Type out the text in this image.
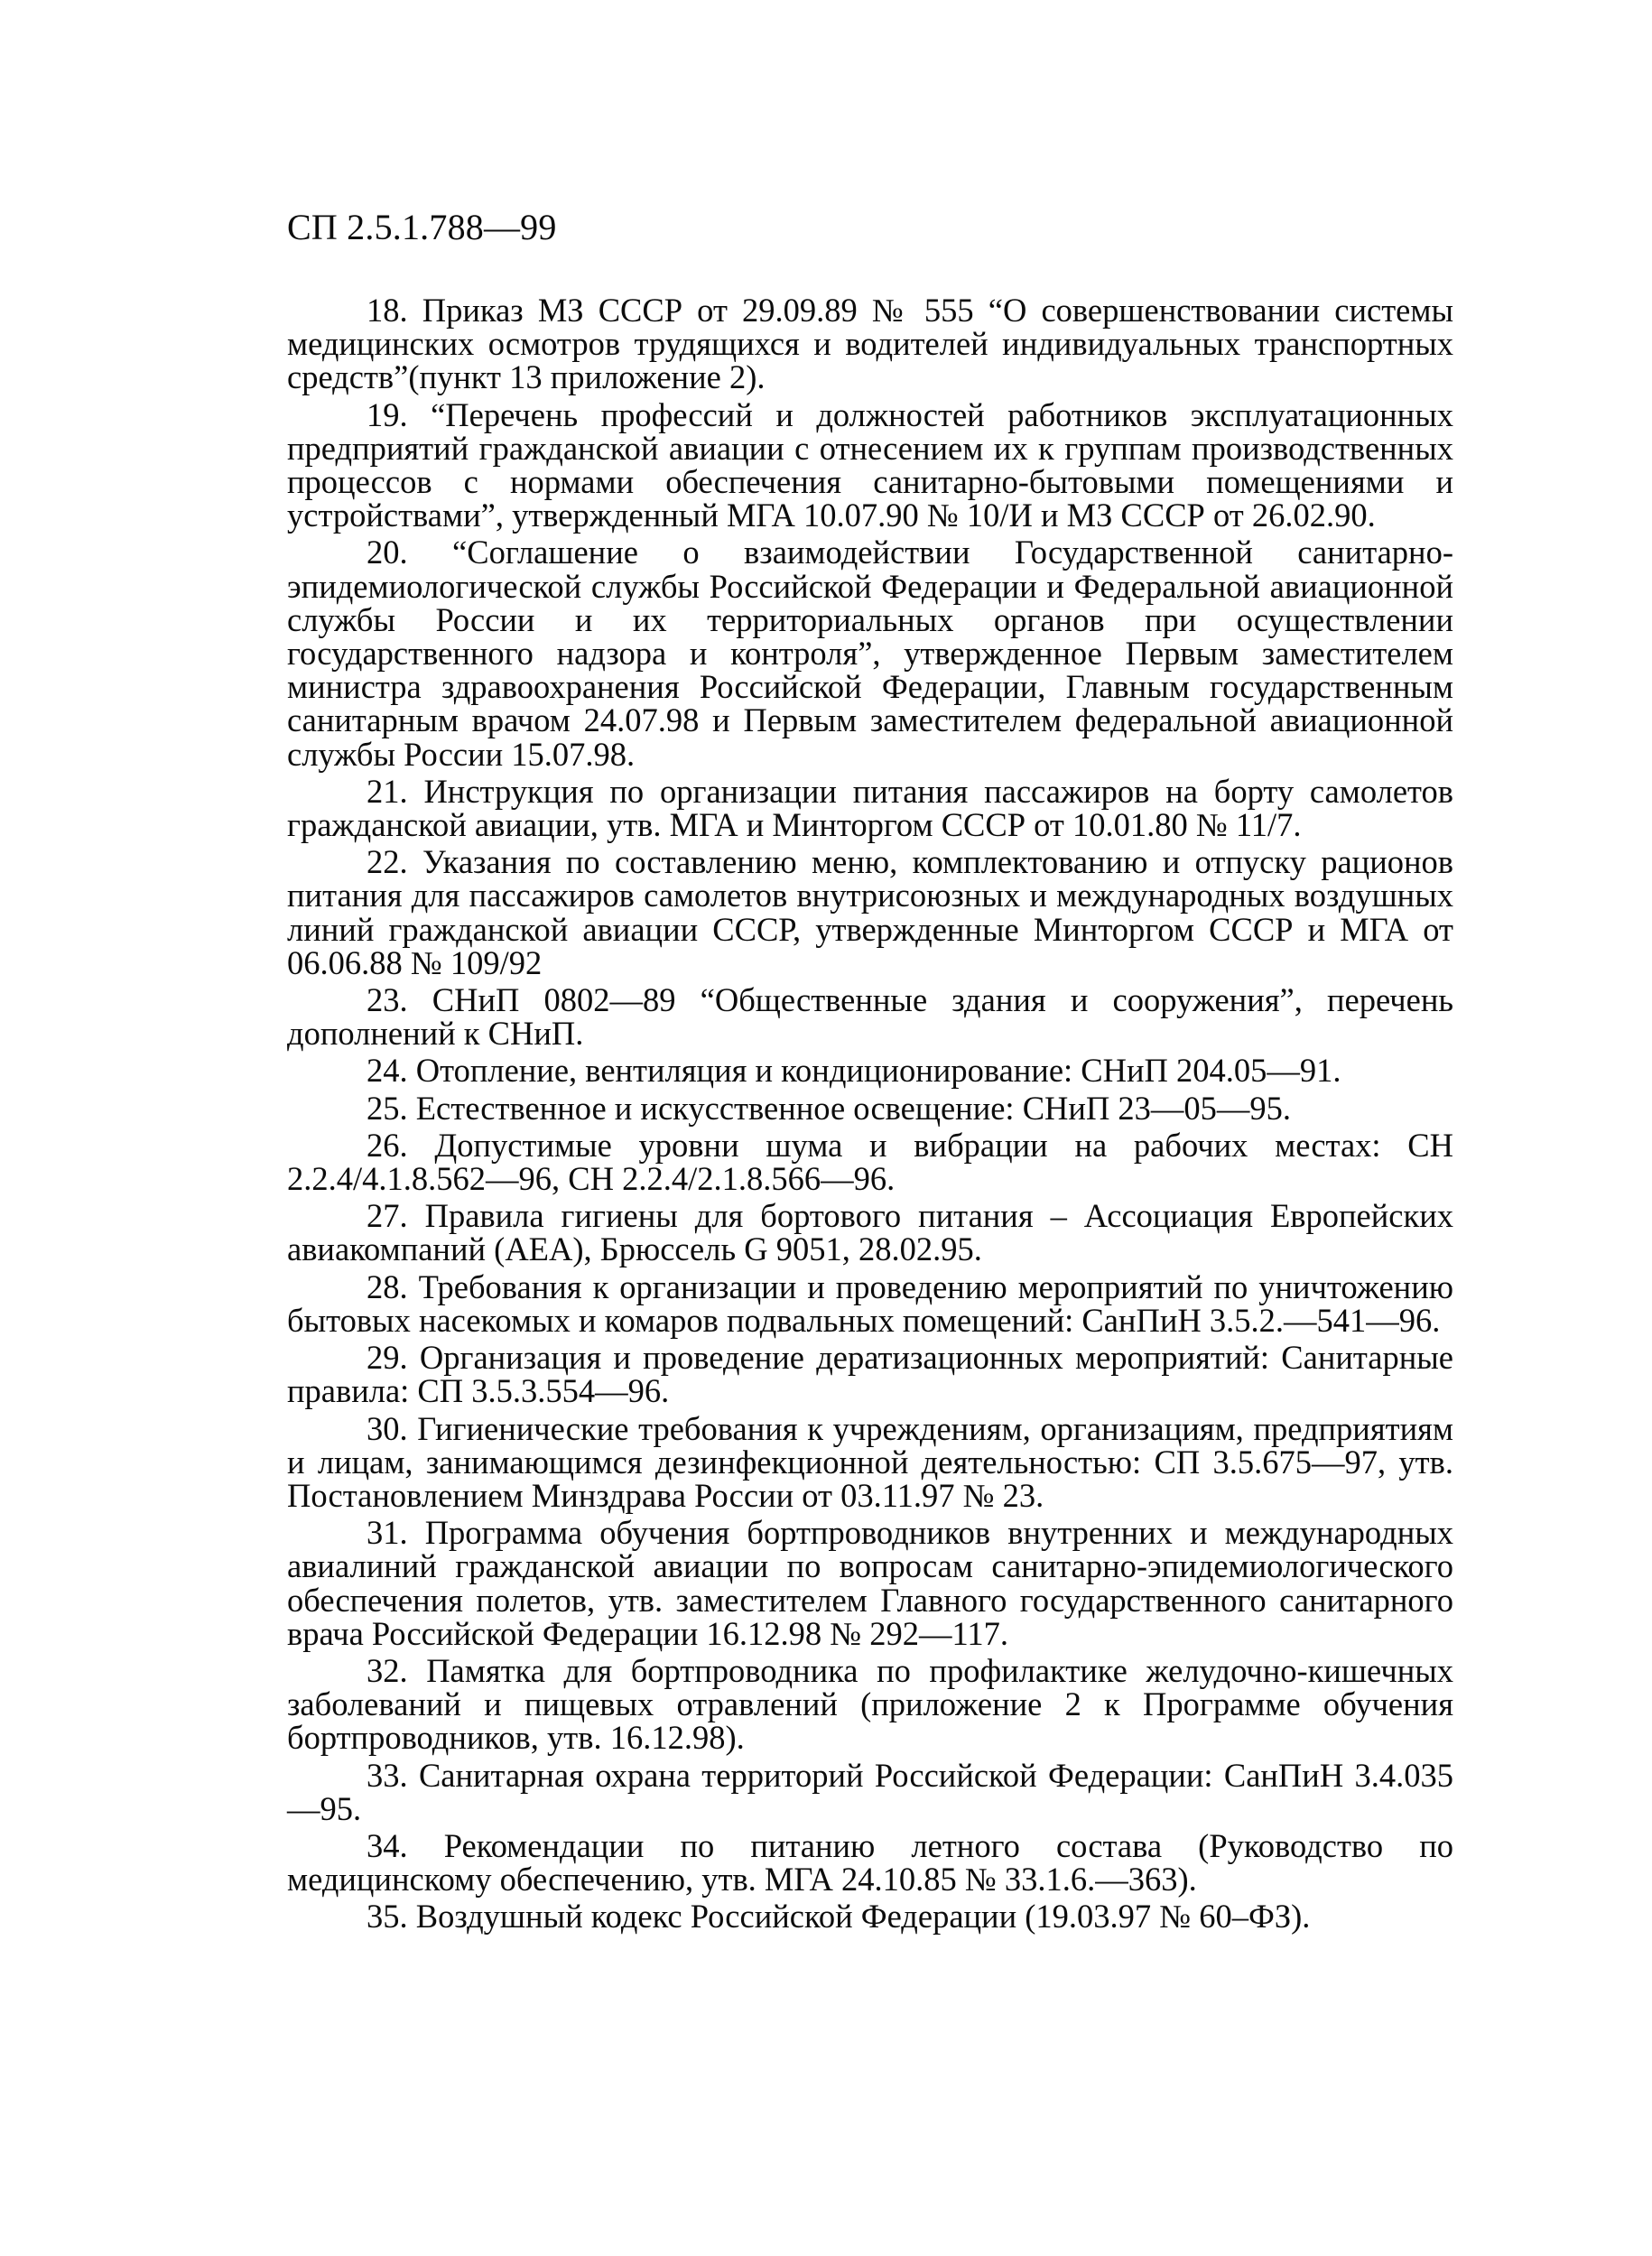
СП 2.5.1.788—99
18. Приказ МЗ СССР от 29.09.89 № 555 “О совершенствовании системы медицинских осмотров трудящихся и водителей индивидуальных транспортных средств”(пункт 13 приложение 2).
19. “Перечень профессий и должностей работников эксплуатационных предприятий гражданской авиации с отнесением их к группам производственных процессов с нормами обеспечения санитарно-бытовыми помещениями и устройствами”, утвержденный МГА 10.07.90 № 10/И и МЗ СССР от 26.02.90.
20. “Соглашение о взаимодействии Государственной санитарно-эпидемиологической службы Российской Федерации и Федеральной авиационной службы России и их территориальных органов при осуществлении государственного надзора и контроля”, утвержденное Первым заместителем министра здравоохранения Российской Федерации, Главным государственным санитарным врачом 24.07.98 и Первым заместителем федеральной авиационной службы России 15.07.98.
21. Инструкция по организации питания пассажиров на борту самолетов гражданской авиации, утв. МГА и Минторгом СССР от 10.01.80 № 11/7.
22. Указания по составлению меню, комплектованию и отпуску рационов питания для пассажиров самолетов внутрисоюзных и международных воздушных линий гражданской авиации СССР, утвержденные Минторгом СССР и МГА от 06.06.88 № 109/92
23. СНиП 0802—89 “Общественные здания и сооружения”, перечень дополнений к СНиП.
24. Отопление, вентиляция и кондиционирование: СНиП 204.05—91.
25. Естественное и искусственное освещение: СНиП 23—05—95.
26. Допустимые уровни шума и вибрации на рабочих местах: СН 2.2.4/4.1.8.562—96, СН 2.2.4/2.1.8.566—96.
27. Правила гигиены для бортового питания – Ассоциация Европейских авиакомпаний (АЕА), Брюссель G 9051, 28.02.95.
28. Требования к организации и проведению мероприятий по уничтожению бытовых насекомых и комаров подвальных помещений: СанПиН 3.5.2.—541—96.
29. Организация и проведение дератизационных мероприятий: Санитарные правила: СП 3.5.3.554—96.
30. Гигиенические требования к учреждениям, организациям, предприятиям и лицам, занимающимся дезинфекционной деятельностью: СП 3.5.675—97, утв. Постановлением Минздрава России от 03.11.97 № 23.
31. Программа обучения бортпроводников внутренних и международных авиалиний гражданской авиации по вопросам санитарно-эпидемиологического обеспечения полетов, утв. заместителем Главного государственного санитарного врача Российской Федерации 16.12.98 № 292—117.
32. Памятка для бортпроводника по профилактике желудочно-кишечных заболеваний и пищевых отравлений (приложение 2 к Программе обучения бортпроводников, утв. 16.12.98).
33. Санитарная охрана территорий Российской Федерации: СанПиН 3.4.035—95.
34. Рекомендации по питанию летного состава (Руководство по медицинскому обеспечению, утв. МГА 24.10.85 № 33.1.6.—363).
35. Воздушный кодекс Российской Федерации (19.03.97 № 60–ФЗ).
